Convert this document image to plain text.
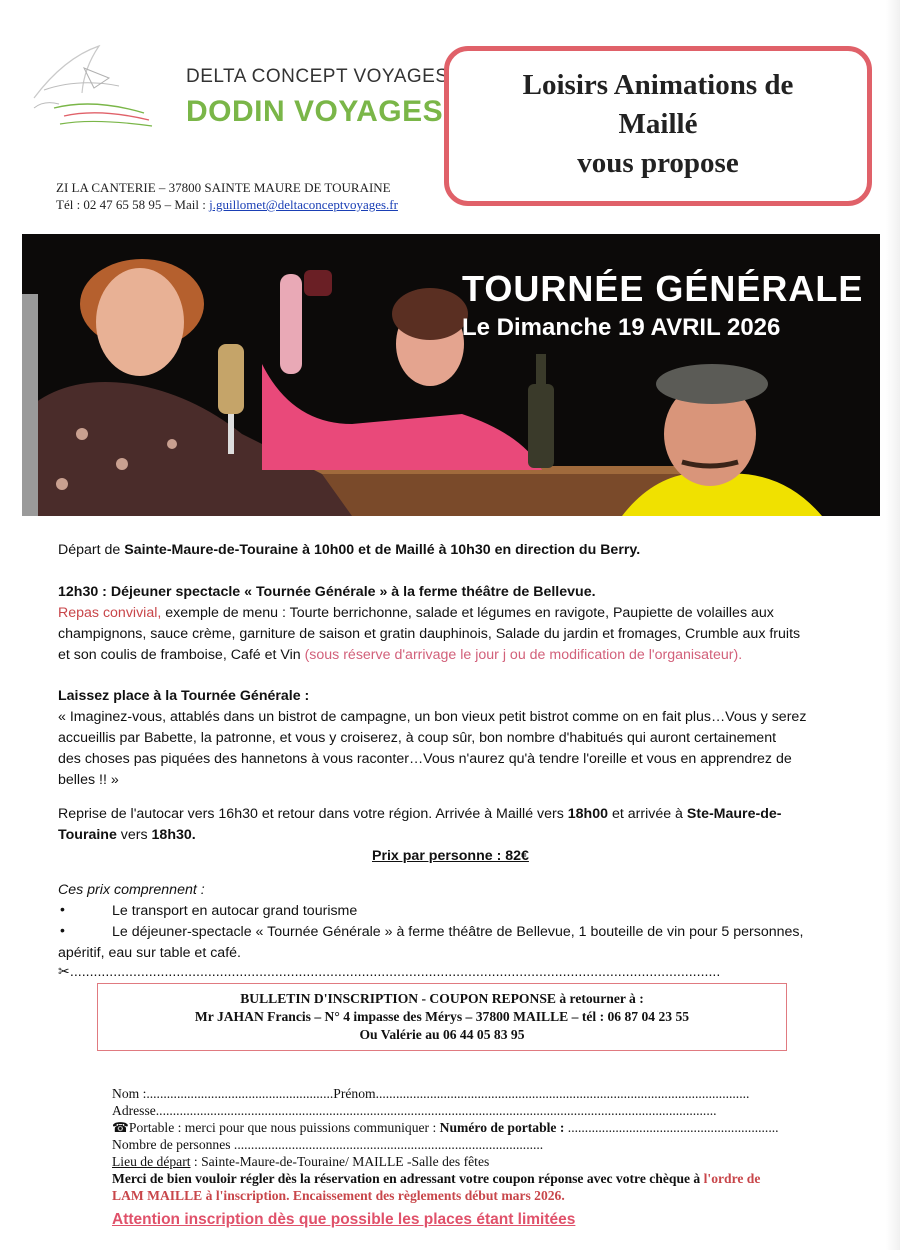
DELTA CONCEPT VOYAGES
DODIN VOYAGES
ZI LA CANTERIE – 37800 SAINTE MAURE DE TOURAINE
Tél : 02 47 65 58 95 – Mail : j.guillomet@deltaconceptvoyages.fr
Loisirs Animations de
Maillé
vous propose
TOURNÉE GÉNÉRALE
Le Dimanche 19 AVRIL 2026
Départ de Sainte-Maure-de-Touraine à 10h00 et de Maillé à 10h30 en direction du Berry.
12h30 : Déjeuner spectacle « Tournée Générale » à la ferme théâtre de Bellevue.
Repas convivial, exemple de menu : Tourte berrichonne, salade et légumes en ravigote, Paupiette de volailles aux
champignons, sauce crème, garniture de saison et gratin dauphinois, Salade du jardin et fromages, Crumble aux fruits
et son coulis de framboise, Café et Vin (sous réserve d'arrivage le jour j ou de modification de l'organisateur).
Laissez place à la Tournée Générale :
« Imaginez-vous, attablés dans un bistrot de campagne, un bon vieux petit bistrot comme on en fait plus…Vous y serez
accueillis par Babette, la patronne, et vous y croiserez, à coup sûr, bon nombre d'habitués qui auront certainement
des choses pas piquées des hannetons à vous raconter…Vous n'aurez qu'à tendre l'oreille et vous en apprendrez de
belles !! »
Reprise de l'autocar vers 16h30 et retour dans votre région. Arrivée à Maillé vers 18h00 et arrivée à Ste-Maure-de-
Touraine vers 18h30.
Prix par personne : 82€
Ces prix comprennent :
•	Le transport en autocar grand tourisme
•	Le déjeuner-spectacle « Tournée Générale » à ferme théâtre de Bellevue, 1 bouteille de vin pour 5 personnes,
apéritif, eau sur table et café.
✂.....................................................................................................................................................................
BULLETIN D'INSCRIPTION - COUPON REPONSE à retourner à :
Mr JAHAN Francis – N° 4 impasse des Mérys – 37800 MAILLE – tél : 06 87 04 23 55
Ou Valérie au 06 44 05 83 95
Nom :.......................................................Prénom..............................................................................................................
Adresse.....................................................................................................................................................................
☎Portable : merci pour que nous puissions communiquer : Numéro de portable : ..............................................................
Nombre de personnes ...........................................................................................
Lieu de départ : Sainte-Maure-de-Touraine/ MAILLE -Salle des fêtes
Merci de bien vouloir régler dès la réservation en adressant votre coupon réponse avec votre chèque à l'ordre de
LAM MAILLE à l'inscription. Encaissement des règlements début mars 2026.
Attention inscription dès que possible les places étant limitées
